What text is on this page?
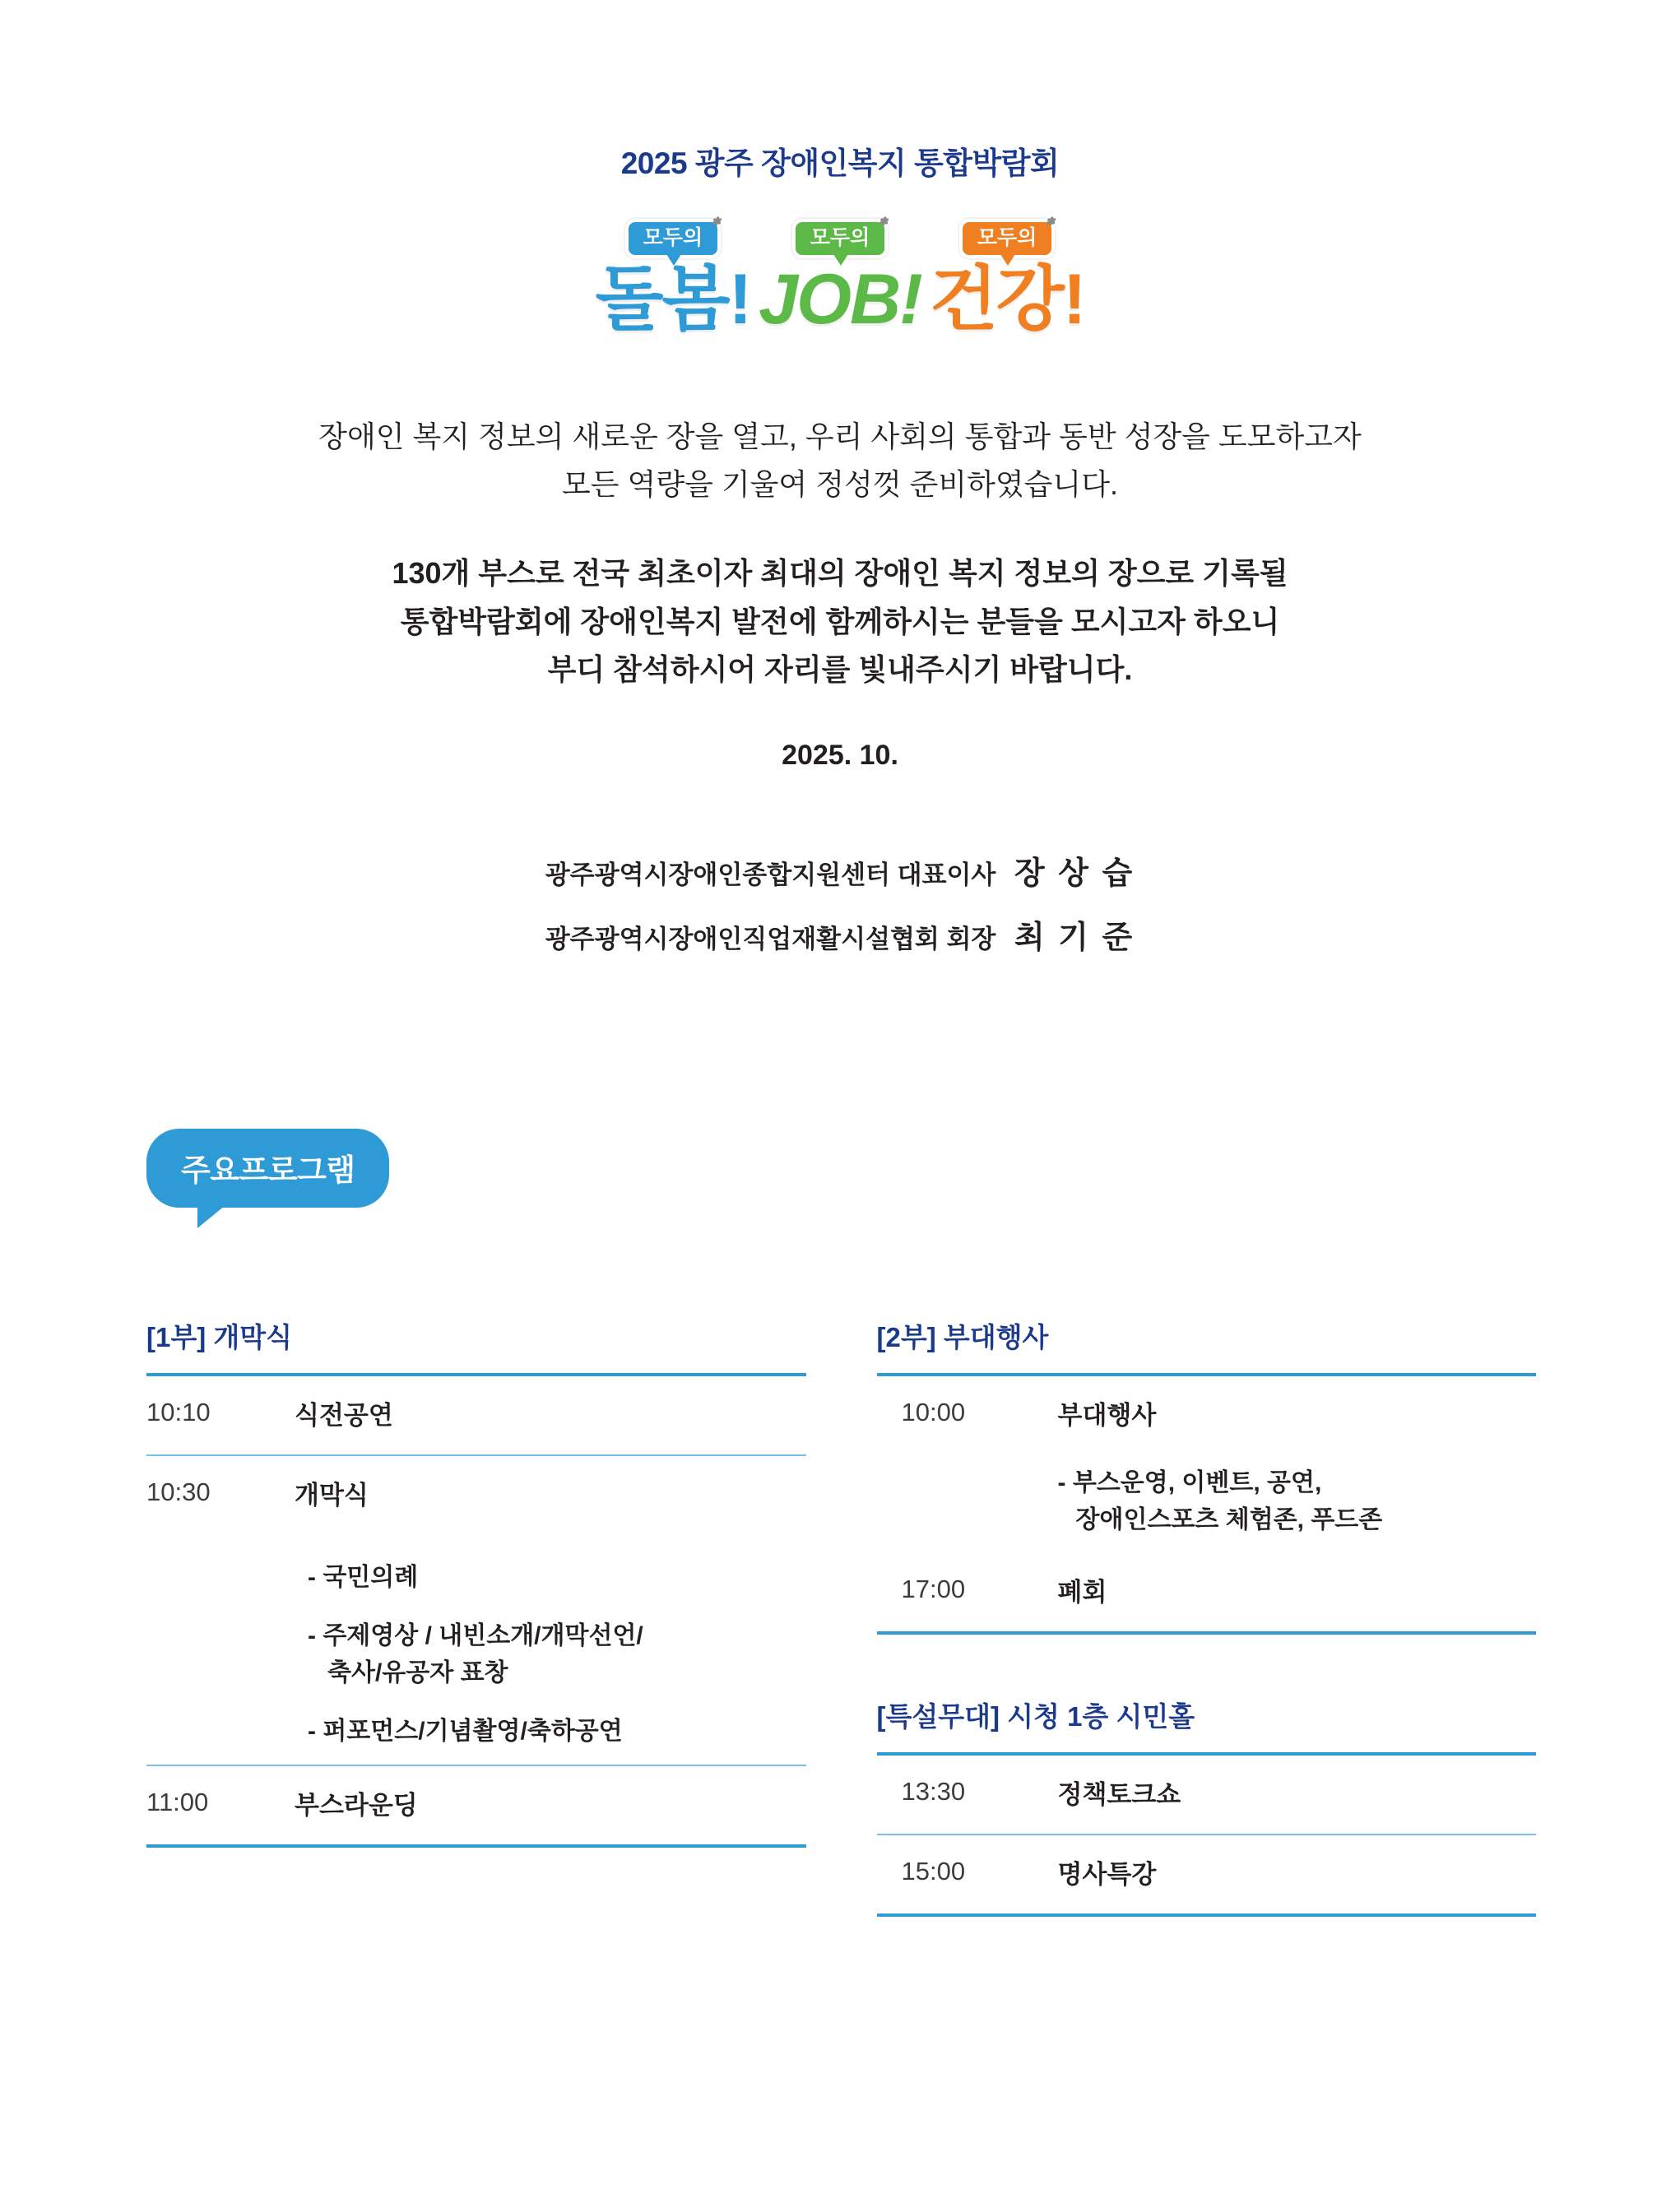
2025 광주 장애인복지 통합박람회
모두의
✽
돌봄!
모두의
✽
JOB!
모두의
✽
건강!
장애인 복지 정보의 새로운 장을 열고, 우리 사회의 통합과 동반 성장을 도모하고자
모든 역량을 기울여 정성껏 준비하였습니다.
130개 부스로 전국 최초이자 최대의 장애인 복지 정보의 장으로 기록될
통합박람회에 장애인복지 발전에 함께하시는 분들을 모시고자 하오니
부디 참석하시어 자리를 빛내주시기 바랍니다.
2025. 10.
광주광역시장애인종합지원센터 대표이사 장 상 습
광주광역시장애인직업재활시설협회 회장 최 기 준
주요프로그램
[1부] 개막식
10:10	식전공연
10:30	개막식
- 국민의례
- 주제영상 / 내빈소개/개막선언/
축사/유공자 표창
- 퍼포먼스/기념촬영/축하공연
11:00	부스라운딩
[2부] 부대행사
10:00	부대행사
- 부스운영, 이벤트, 공연,
장애인스포츠 체험존, 푸드존
17:00	폐회
[특설무대] 시청 1층 시민홀
13:30	정책토크쇼
15:00	명사특강
